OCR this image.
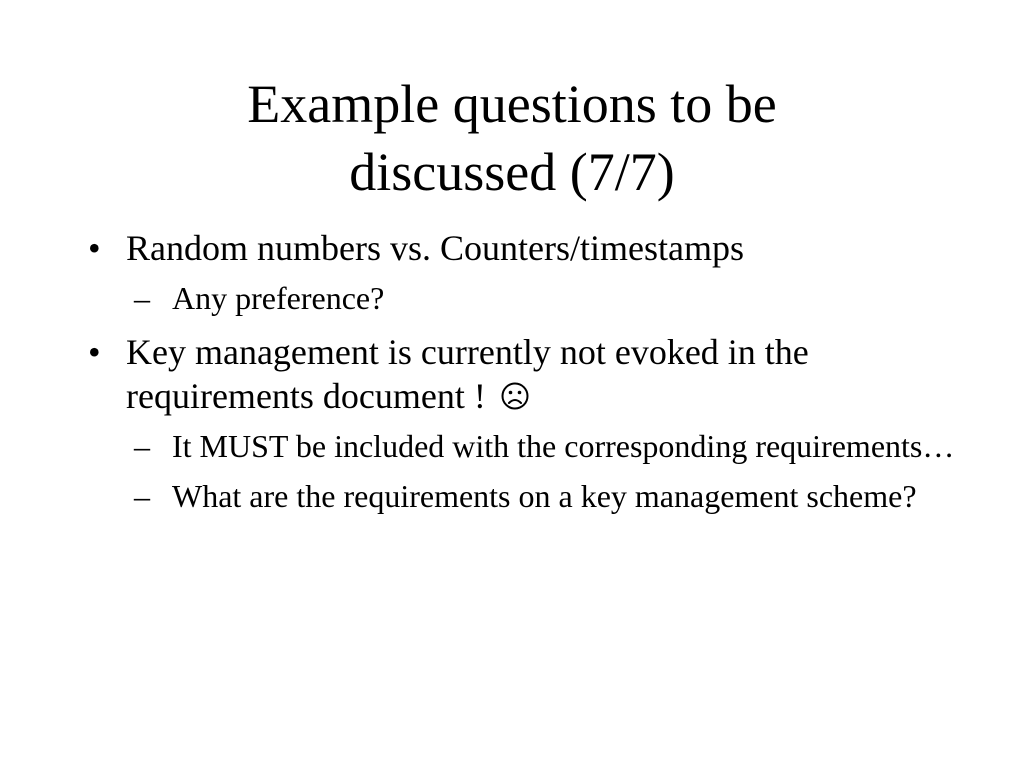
Example questions to be
discussed (7/7)
• Random numbers vs. Counters/timestamps
– Any preference?
• Key management is currently not evoked in the requirements document !
– It MUST be included with the corresponding requirements…
– What are the requirements on a key management scheme?
